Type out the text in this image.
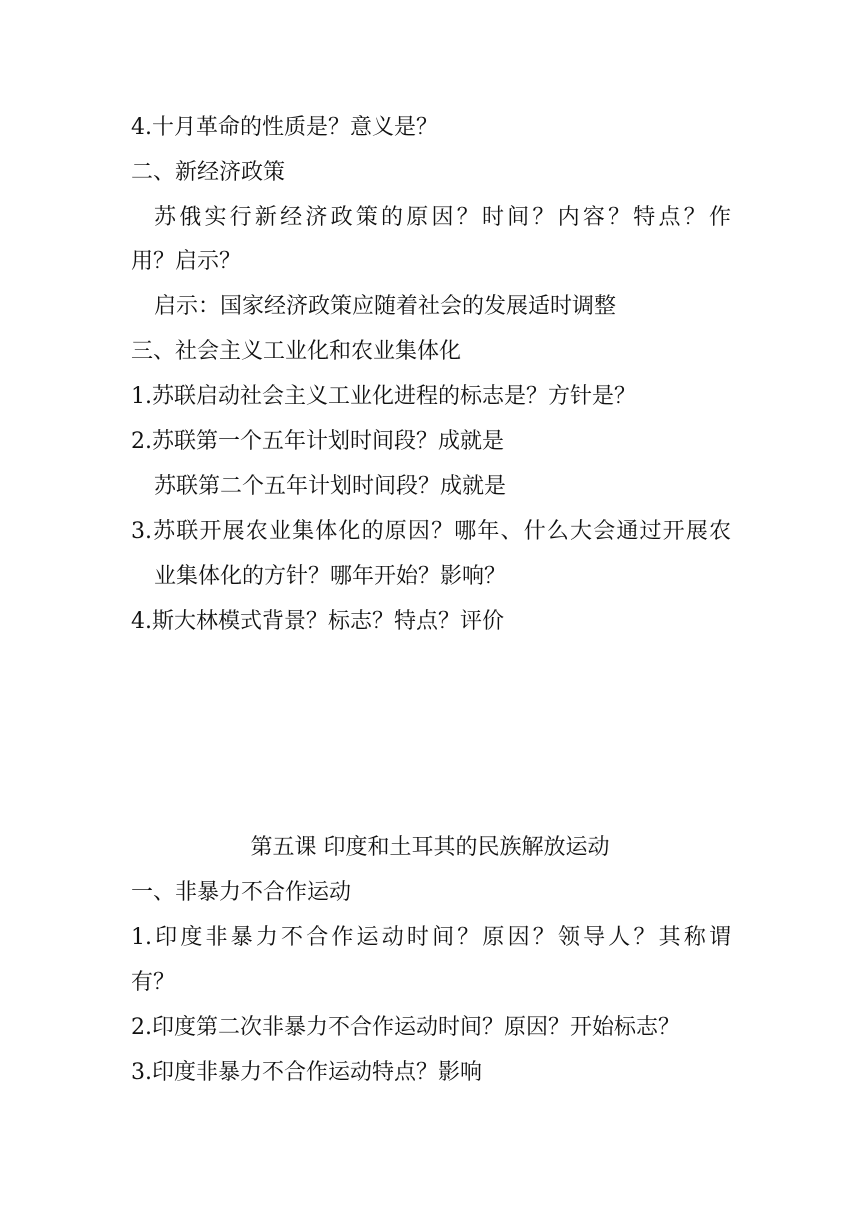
4.十月革命的性质是？意义是？
二、新经济政策
苏俄实行新经济政策的原因？时间？内容？特点？作
用？启示？
启示：国家经济政策应随着社会的发展适时调整
三、社会主义工业化和农业集体化
1.苏联启动社会主义工业化进程的标志是？方针是？
2.苏联第一个五年计划时间段？成就是
苏联第二个五年计划时间段？成就是
3.苏联开展农业集体化的原因？哪年、什么大会通过开展农
业集体化的方针？哪年开始？影响？
4.斯大林模式背景？标志？特点？评价
第五课 印度和土耳其的民族解放运动
一、非暴力不合作运动
1.印度非暴力不合作运动时间？原因？领导人？其称谓
有？
2.印度第二次非暴力不合作运动时间？原因？开始标志？
3.印度非暴力不合作运动特点？影响
